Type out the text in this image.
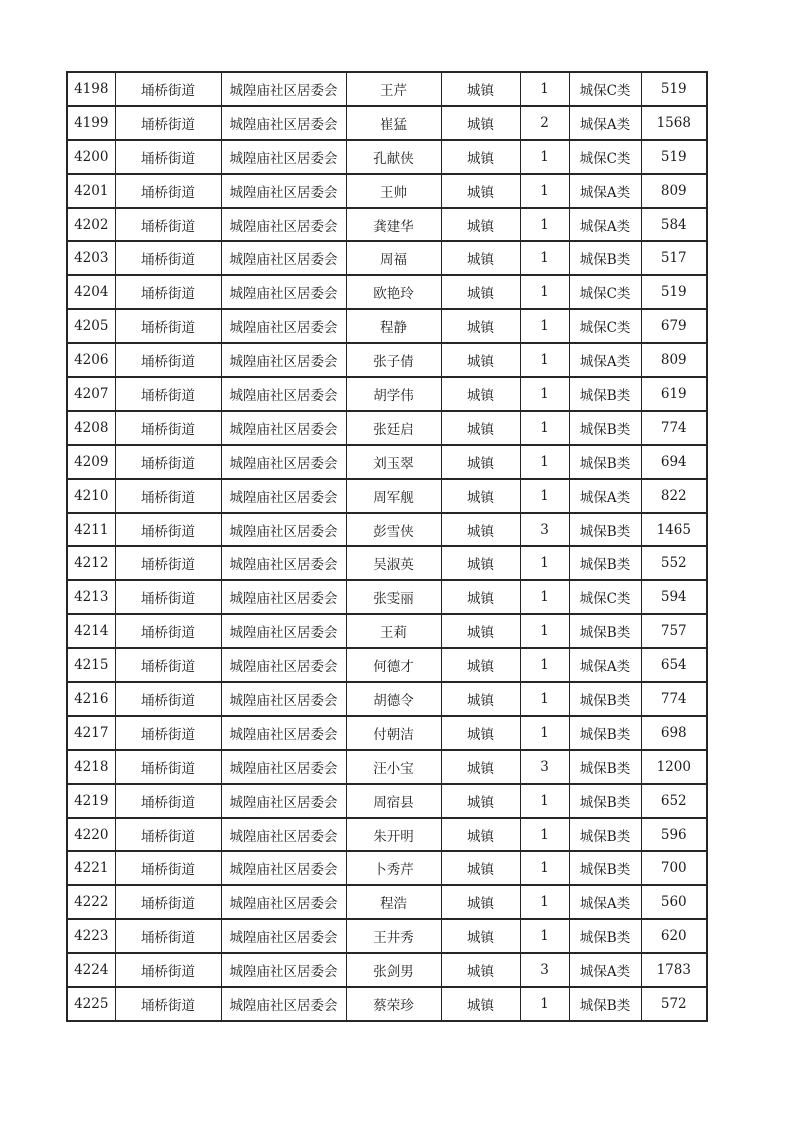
4198	埇桥街道	城隍庙社区居委会	王芹	城镇	1	城保C类	519
4199	埇桥街道	城隍庙社区居委会	崔猛	城镇	2	城保A类	1568
4200	埇桥街道	城隍庙社区居委会	孔献侠	城镇	1	城保C类	519
4201	埇桥街道	城隍庙社区居委会	王帅	城镇	1	城保A类	809
4202	埇桥街道	城隍庙社区居委会	龚建华	城镇	1	城保A类	584
4203	埇桥街道	城隍庙社区居委会	周福	城镇	1	城保B类	517
4204	埇桥街道	城隍庙社区居委会	欧艳玲	城镇	1	城保C类	519
4205	埇桥街道	城隍庙社区居委会	程静	城镇	1	城保C类	679
4206	埇桥街道	城隍庙社区居委会	张子倩	城镇	1	城保A类	809
4207	埇桥街道	城隍庙社区居委会	胡学伟	城镇	1	城保B类	619
4208	埇桥街道	城隍庙社区居委会	张廷启	城镇	1	城保B类	774
4209	埇桥街道	城隍庙社区居委会	刘玉翠	城镇	1	城保B类	694
4210	埇桥街道	城隍庙社区居委会	周军舰	城镇	1	城保A类	822
4211	埇桥街道	城隍庙社区居委会	彭雪侠	城镇	3	城保B类	1465
4212	埇桥街道	城隍庙社区居委会	吴淑英	城镇	1	城保B类	552
4213	埇桥街道	城隍庙社区居委会	张雯丽	城镇	1	城保C类	594
4214	埇桥街道	城隍庙社区居委会	王莉	城镇	1	城保B类	757
4215	埇桥街道	城隍庙社区居委会	何德才	城镇	1	城保A类	654
4216	埇桥街道	城隍庙社区居委会	胡德令	城镇	1	城保B类	774
4217	埇桥街道	城隍庙社区居委会	付朝洁	城镇	1	城保B类	698
4218	埇桥街道	城隍庙社区居委会	汪小宝	城镇	3	城保B类	1200
4219	埇桥街道	城隍庙社区居委会	周宿县	城镇	1	城保B类	652
4220	埇桥街道	城隍庙社区居委会	朱开明	城镇	1	城保B类	596
4221	埇桥街道	城隍庙社区居委会	卜秀芹	城镇	1	城保B类	700
4222	埇桥街道	城隍庙社区居委会	程浩	城镇	1	城保A类	560
4223	埇桥街道	城隍庙社区居委会	王井秀	城镇	1	城保B类	620
4224	埇桥街道	城隍庙社区居委会	张剑男	城镇	3	城保A类	1783
4225	埇桥街道	城隍庙社区居委会	蔡荣珍	城镇	1	城保B类	572
